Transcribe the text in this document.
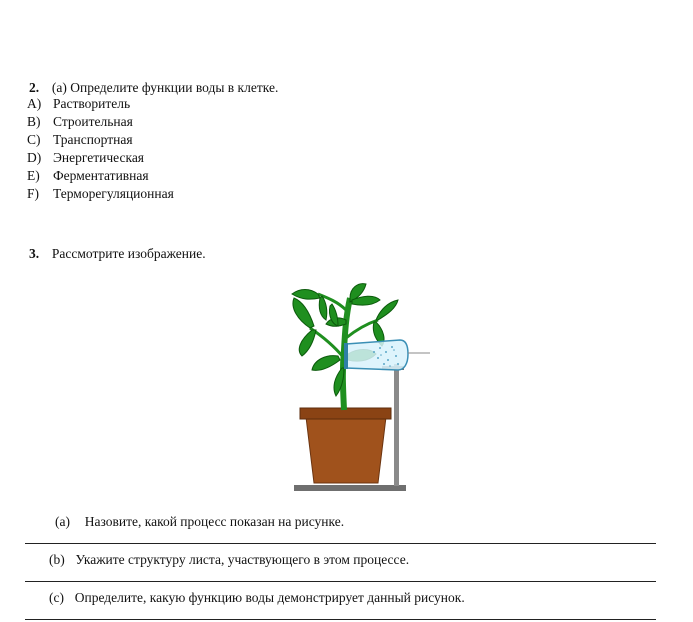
2. (a) Определите функции воды в клетке.
A) Растворитель
B) Строительная
C) Транспортная
D) Энергетическая
E) Ферментативная
F) Терморегуляционная
3. Рассмотрите изображение.
(a) Назовите, какой процесс показан на рисунке.
(b) Укажите структуру листа, участвующего в этом процессе.
(c) Определите, какую функцию воды демонстрирует данный рисунок.
